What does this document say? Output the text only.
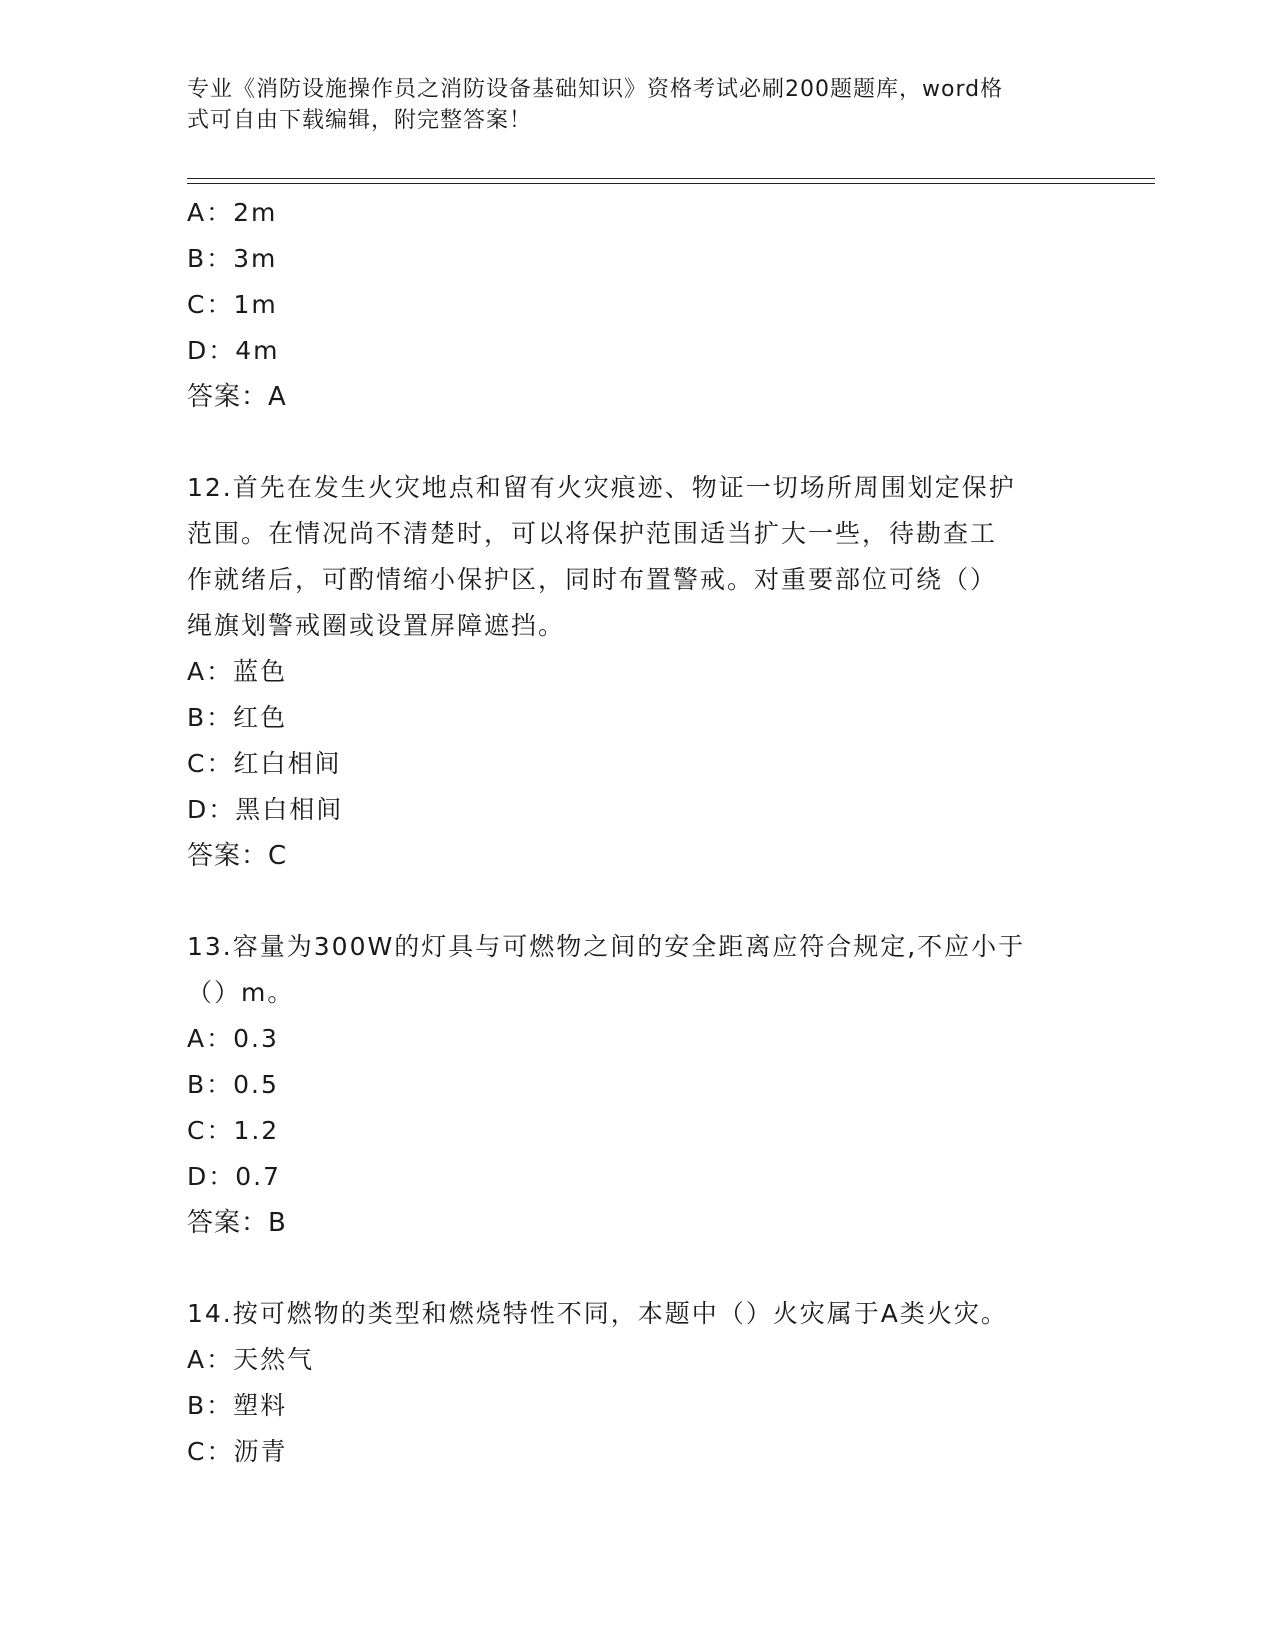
专业《消防设施操作员之消防设备基础知识》资格考试必刷200题题库，word格
式可自由下载编辑，附完整答案！
A：2m
B：3m
C：1m
D：4m
答案：A
12.首先在发生火灾地点和留有火灾痕迹、物证一切场所周围划定保护
范围。在情况尚不清楚时，可以将保护范围适当扩大一些，待勘查工
作就绪后，可酌情缩小保护区，同时布置警戒。对重要部位可绕（）
绳旗划警戒圈或设置屏障遮挡。
A：蓝色
B：红色
C：红白相间
D：黑白相间
答案：C
13.容量为300W的灯具与可燃物之间的安全距离应符合规定,不应小于
（）m。
A：0.3
B：0.5
C：1.2
D：0.7
答案：B
14.按可燃物的类型和燃烧特性不同，本题中（）火灾属于A类火灾。
A：天然气
B：塑料
C：沥青
